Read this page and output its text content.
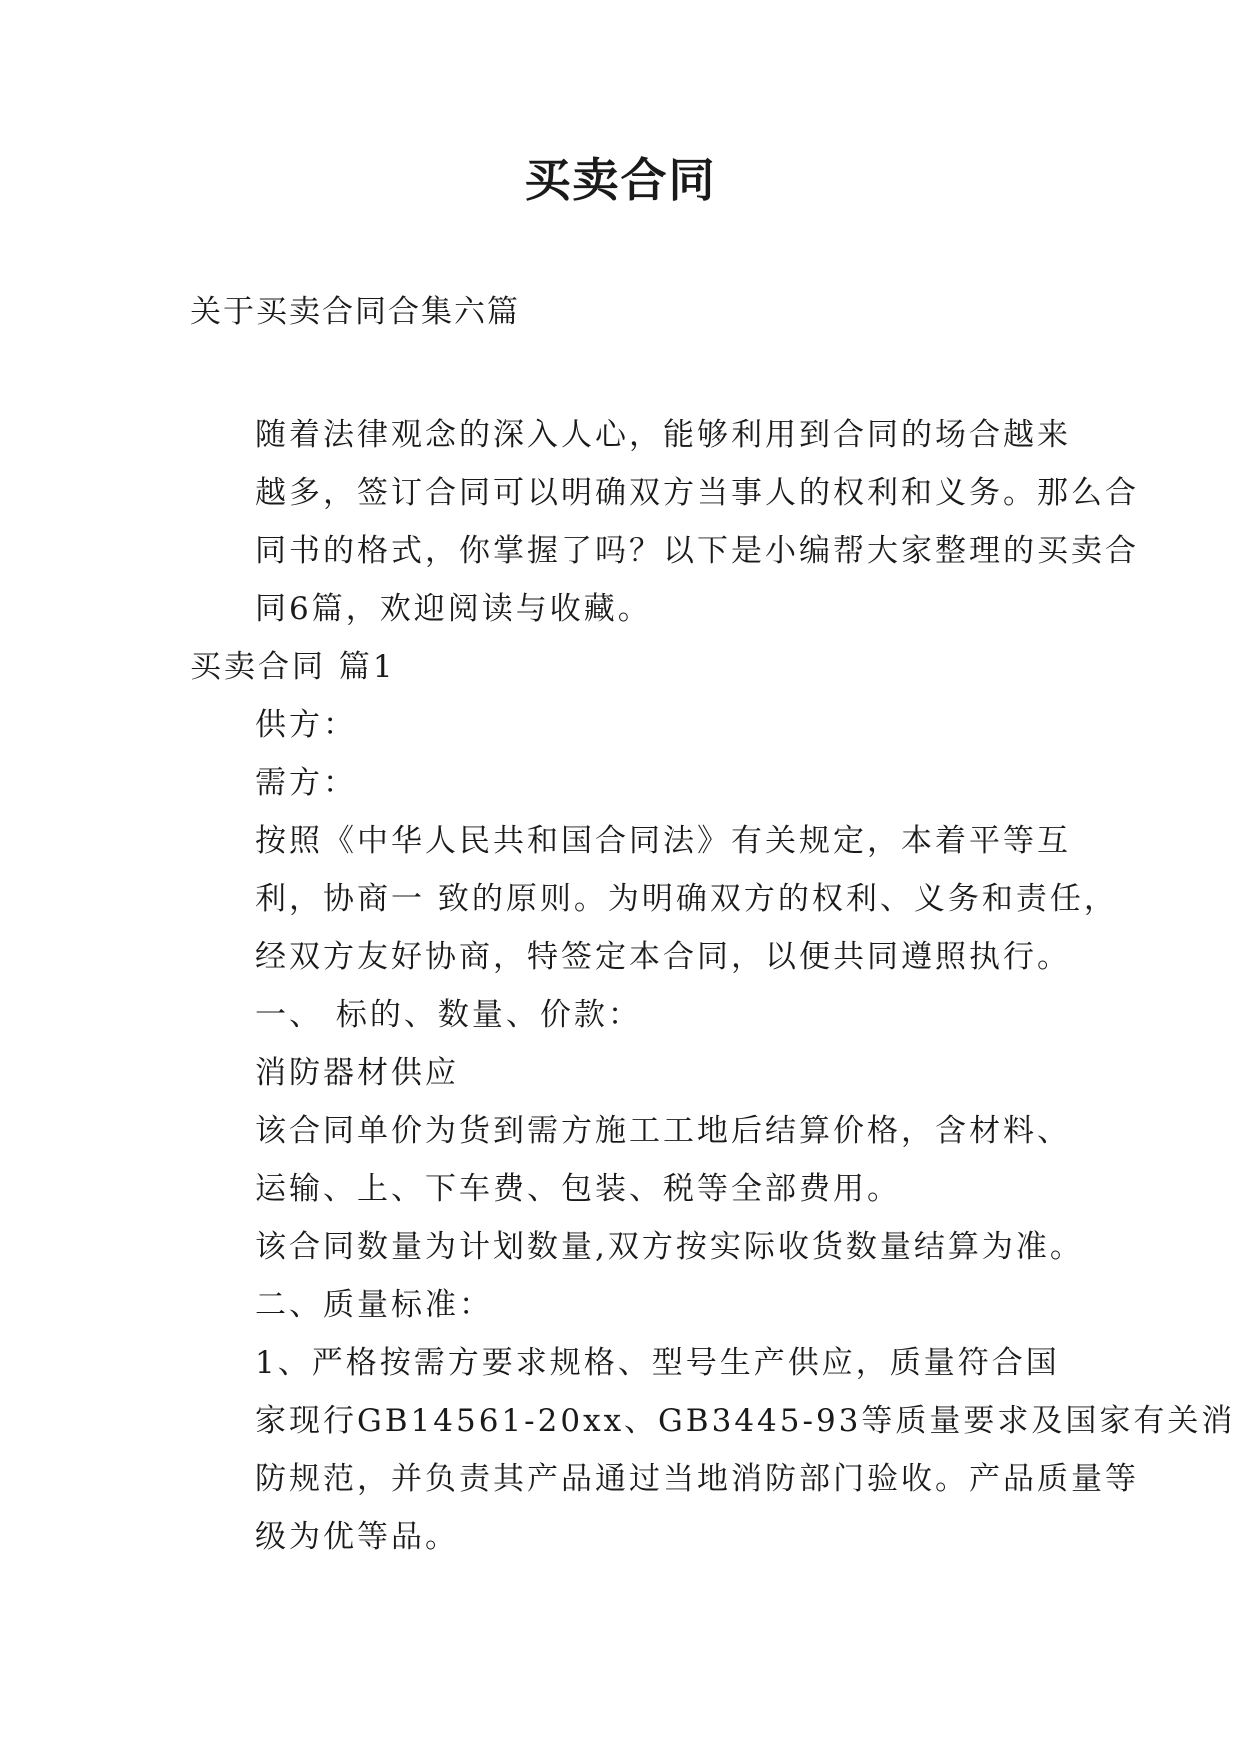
买卖合同

关于买卖合同合集六篇

随着法律观念的深入人心，能够利用到合同的场合越来
越多，签订合同可以明确双方当事人的权利和义务。那么合
同书的格式，你掌握了吗？以下是小编帮大家整理的买卖合
同6篇，欢迎阅读与收藏。

买卖合同 篇1

供方：

需方：

按照《中华人民共和国合同法》有关规定，本着平等互
利，协商一 致的原则。为明确双方的权利、义务和责任，
经双方友好协商，特签定本合同，以便共同遵照执行。

一、 标的、数量、价款：

消防器材供应

该合同单价为货到需方施工工地后结算价格，含材料、
运输、上、下车费、包装、税等全部费用。

该合同数量为计划数量,双方按实际收货数量结算为准。

二、质量标准：

1、严格按需方要求规格、型号生产供应，质量符合国
家现行GB14561-20xx、GB3445-93等质量要求及国家有关消
防规范，并负责其产品通过当地消防部门验收。产品质量等
级为优等品。
